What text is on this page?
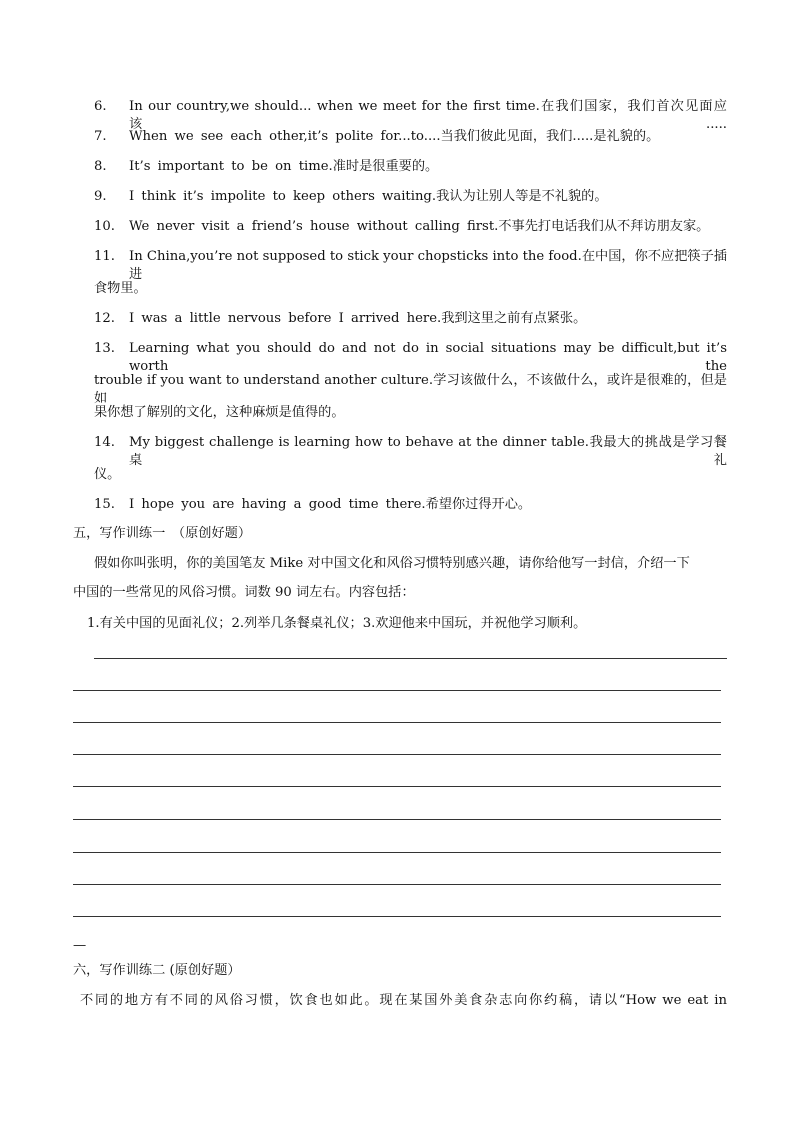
6. In our country,we should... when we meet for the first time.在我们国家，我们首次见面应该.....
7. When we see each other,it’s polite for...to....当我们彼此见面，我们.....是礼貌的。
8. It’s important to be on time.准时是很重要的。
9. I think it’s impolite to keep others waiting.我认为让别人等是不礼貌的。
10. We never visit a friend’s house without calling first.不事先打电话我们从不拜访朋友家。
11. In China,you’re not supposed to stick your chopsticks into the food.在中国，你不应把筷子插进
食物里。
12. I was a little nervous before I arrived here.我到这里之前有点紧张。
13. Learning what you should do and not do in social situations may be difficult,but it’s worth the
trouble if you want to understand another culture.学习该做什么，不该做什么，或许是很难的，但是如
果你想了解别的文化，这种麻烦是值得的。
14. My biggest challenge is learning how to behave at the dinner table.我最大的挑战是学习餐桌礼
仪。
15. I hope you are having a good time there.希望你过得开心。
五，写作训练一　（原创好题）
假如你叫张明，你的美国笔友 Mike 对中国文化和风俗习惯特别感兴趣，请你给他写一封信，介绍一下
中国的一些常见的风俗习惯。词数 90 词左右。内容包括：
1.有关中国的见面礼仪；2.列举几条餐桌礼仪；3.欢迎他来中国玩，并祝他学习顺利。
—
六，写作训练二 (原创好题）
不同的地方有不同的风俗习惯，饮食也如此。现在某国外美食杂志向你约稿，请以“How we eat in
